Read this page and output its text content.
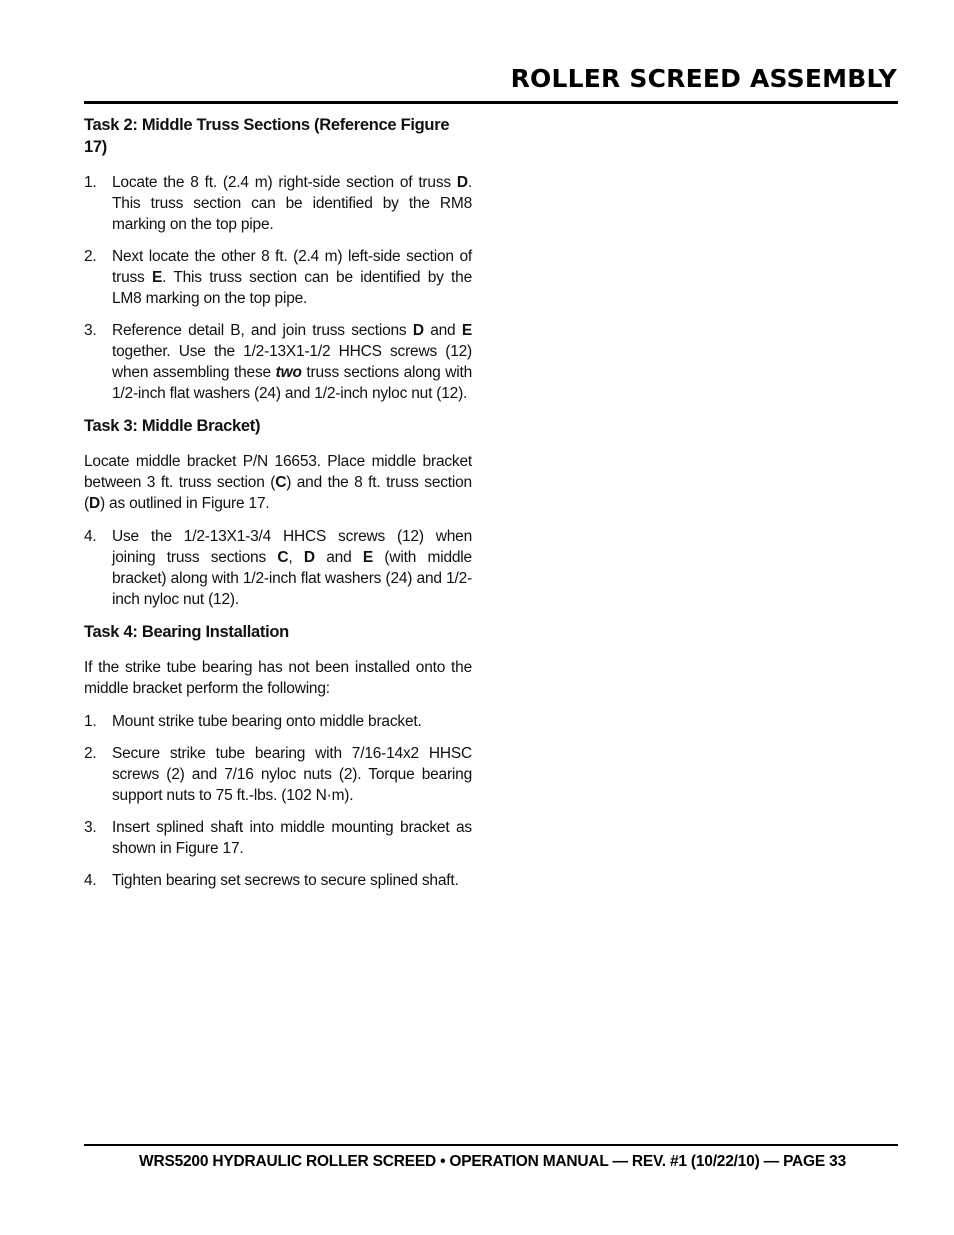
ROLLER SCREED ASSEMBLY
Task 2: Middle Truss Sections (Reference Figure 17)
1. Locate the 8 ft. (2.4 m) right-side section of truss D. This truss section can be identified by the RM8 marking on the top pipe.
2. Next locate the other 8 ft. (2.4 m) left-side section of truss E. This truss section can be identified by the LM8 marking on the top pipe.
3. Reference detail B, and join truss sections D and E together. Use the 1/2-13X1-1/2 HHCS screws (12) when assembling these two truss sections along with 1/2-inch flat washers (24) and 1/2-inch nyloc nut (12).
Task 3: Middle Bracket)
Locate middle bracket P/N 16653. Place middle bracket between 3 ft. truss section (C) and the 8 ft. truss section (D) as outlined in Figure 17.
4. Use the 1/2-13X1-3/4 HHCS screws (12) when joining truss sections C, D and E (with middle bracket) along with 1/2-inch flat washers (24) and 1/2-inch nyloc nut (12).
Task 4: Bearing Installation
If the strike tube bearing has not been installed onto the middle bracket perform the following:
1. Mount strike tube bearing onto middle bracket.
2. Secure strike tube bearing with 7/16-14x2 HHSC screws (2) and 7/16 nyloc nuts (2). Torque bearing support nuts to 75 ft.-lbs. (102 N·m).
3. Insert splined shaft into middle mounting bracket as shown in Figure 17.
4. Tighten bearing set secrews to secure splined shaft.
WRS5200 HYDRAULIC ROLLER SCREED • OPERATION MANUAL — REV. #1 (10/22/10) — PAGE 33
